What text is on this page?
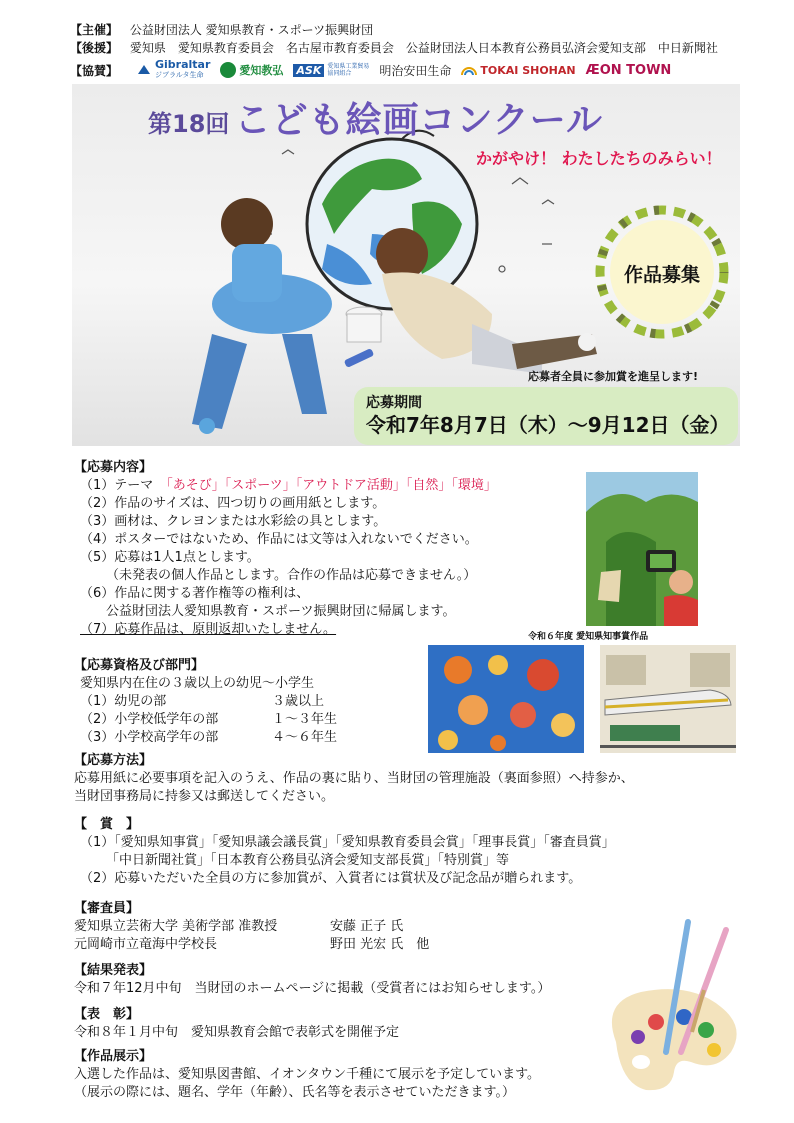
【主催】 公益財団法人 愛知県教育・スポーツ振興財団
【後援】 愛知県　愛知県教育委員会　名古屋市教育委員会　公益財団法人日本教育公務員弘済会愛知支部　中日新聞社
【協賛】	Gibraltar
ジブラルタ生命	愛知教弘 ASK	愛知県工業貿易協同組合	明治安田生命	TOKAI SHOHAN ÆON TOWN
第18回 こども絵画コンクール
かがやけ！ わたしたちのみらい！
作品募集
応募者全員に参加賞を進呈します!
応募期間
令和7年8月7日（木）～9月12日（金）
令和６年度 愛知県知事賞作品
【応募内容】
（1）テーマ　「あそび」「スポーツ」「アウトドア活動」「自然」「環境」
（2）作品のサイズは、四つ切りの画用紙とします。
（3）画材は、クレヨンまたは水彩絵の具とします。
（4）ポスターではないため、作品には文等は入れないでください。
（5）応募は1人1点とします。
（未発表の個人作品とします。合作の作品は応募できません。）
（6）作品に関する著作権等の権利は、
公益財団法人愛知県教育・スポーツ振興財団に帰属します。
（7）応募作品は、原則返却いたしません。
【応募資格及び部門】
愛知県内在住の３歳以上の幼児～小学生
（1）幼児の部	３歳以上
（2）小学校低学年の部	１～３年生
（3）小学校高学年の部	４～６年生
【応募方法】
応募用紙に必要事項を記入のうえ、作品の裏に貼り、当財団の管理施設（裏面参照）へ持参か、
当財団事務局に持参又は郵送してください。
【　賞　】
（1）「愛知県知事賞」「愛知県議会議長賞」「愛知県教育委員会賞」「理事長賞」「審査員賞」
「中日新聞社賞」「日本教育公務員弘済会愛知支部長賞」「特別賞」等
（2）応募いただいた全員の方に参加賞が、入賞者には賞状及び記念品が贈られます。
【審査員】
愛知県立芸術大学 美術学部 准教授	安藤 正子 氏
元岡崎市立竜海中学校長	野田 光宏 氏　他
【結果発表】
令和７年12月中旬　当財団のホームページに掲載（受賞者にはお知らせします。）
【表　彰】
令和８年１月中旬　愛知県教育会館で表彰式を開催予定
【作品展示】
入選した作品は、愛知県図書館、イオンタウン千種にて展示を予定しています。
（展示の際には、題名、学年（年齢）、氏名等を表示させていただきます。）
